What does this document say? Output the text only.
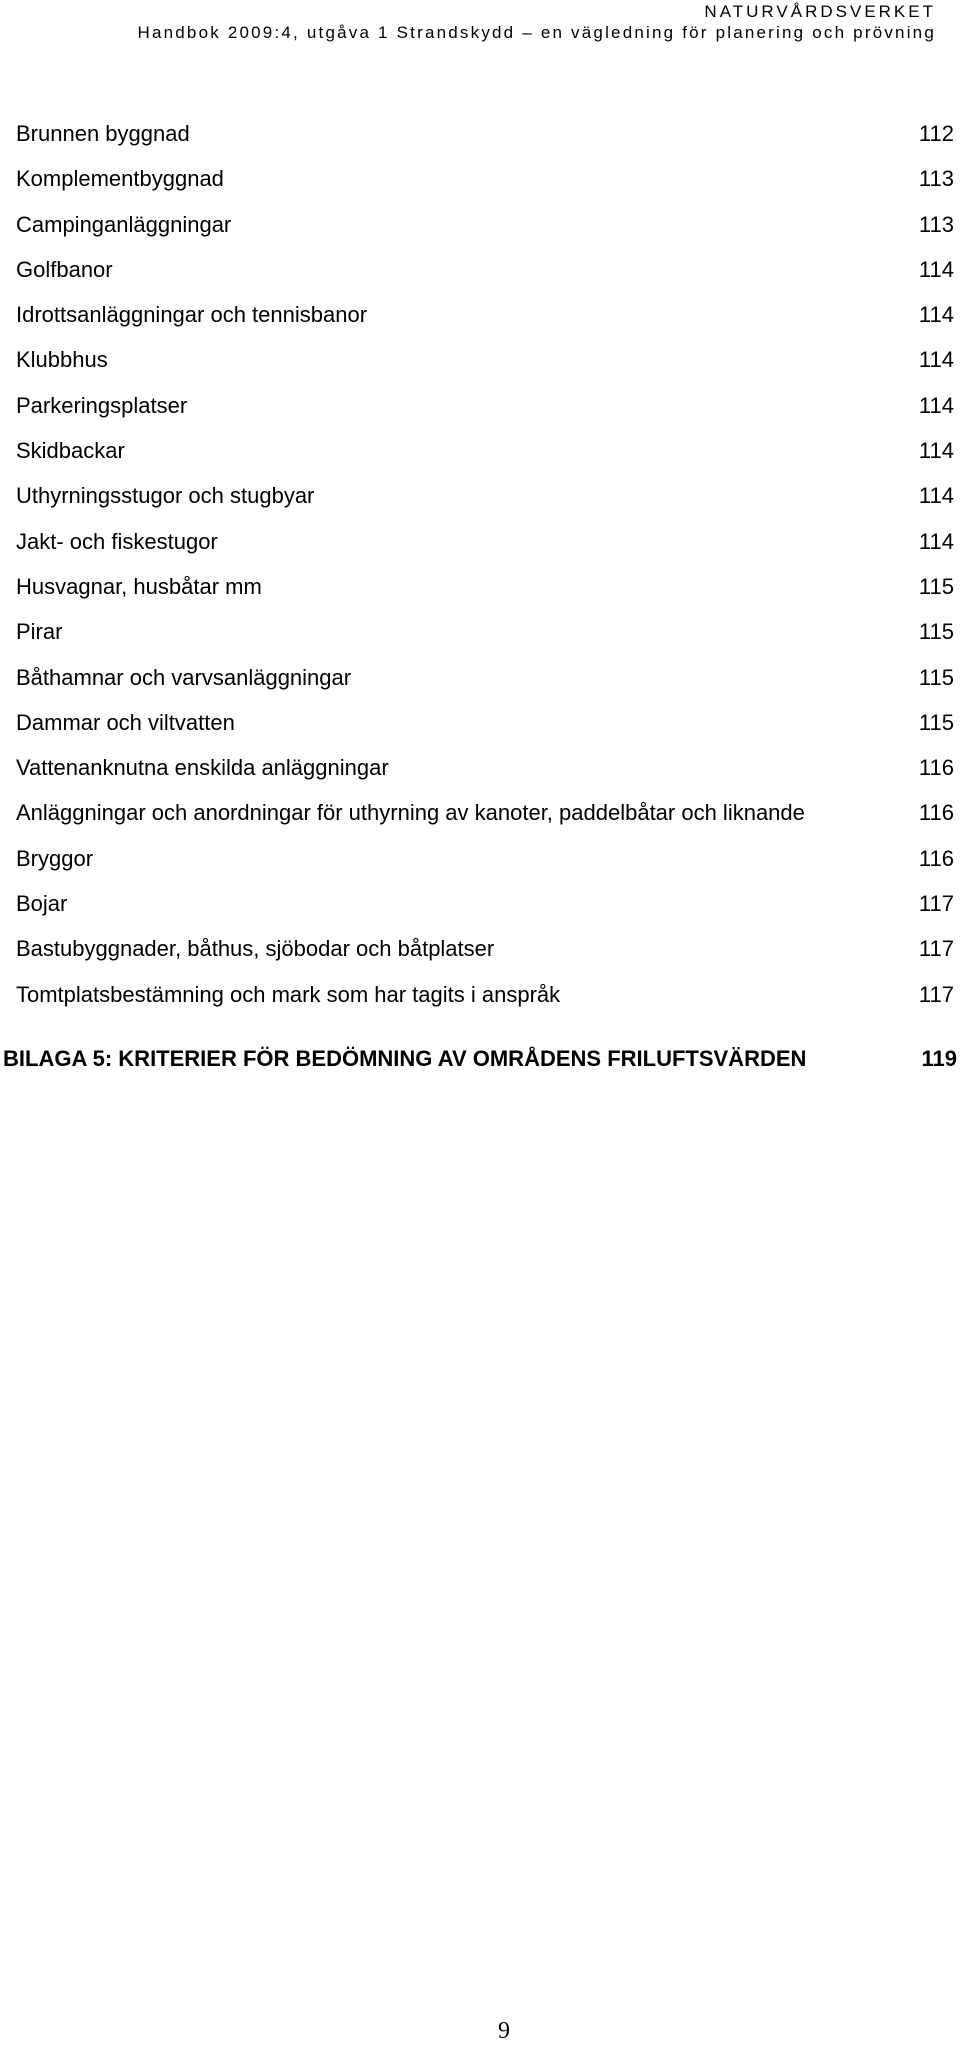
NATURVÅRDSVERKET
Handbok 2009:4, utgåva 1 Strandskydd – en vägledning för planering och prövning
Brunnen byggnad	112
Komplementbyggnad	113
Campinganläggningar	113
Golfbanor	114
Idrottsanläggningar och tennisbanor	114
Klubbhus	114
Parkeringsplatser	114
Skidbackar	114
Uthyrningsstugor och stugbyar	114
Jakt- och fiskestugor	114
Husvagnar, husbåtar mm	115
Pirar	115
Båthamnar och varvsanläggningar	115
Dammar och viltvatten	115
Vattenanknutna enskilda anläggningar	116
Anläggningar och anordningar för uthyrning av kanoter, paddelbåtar och liknande	116
Bryggor	116
Bojar	117
Bastubyggnader, båthus, sjöbodar och båtplatser	117
Tomtplatsbestämning och mark som har tagits i anspråk	117
BILAGA 5: KRITERIER FÖR BEDÖMNING AV OMRÅDENS FRILUFTSVÄRDEN	119
9
